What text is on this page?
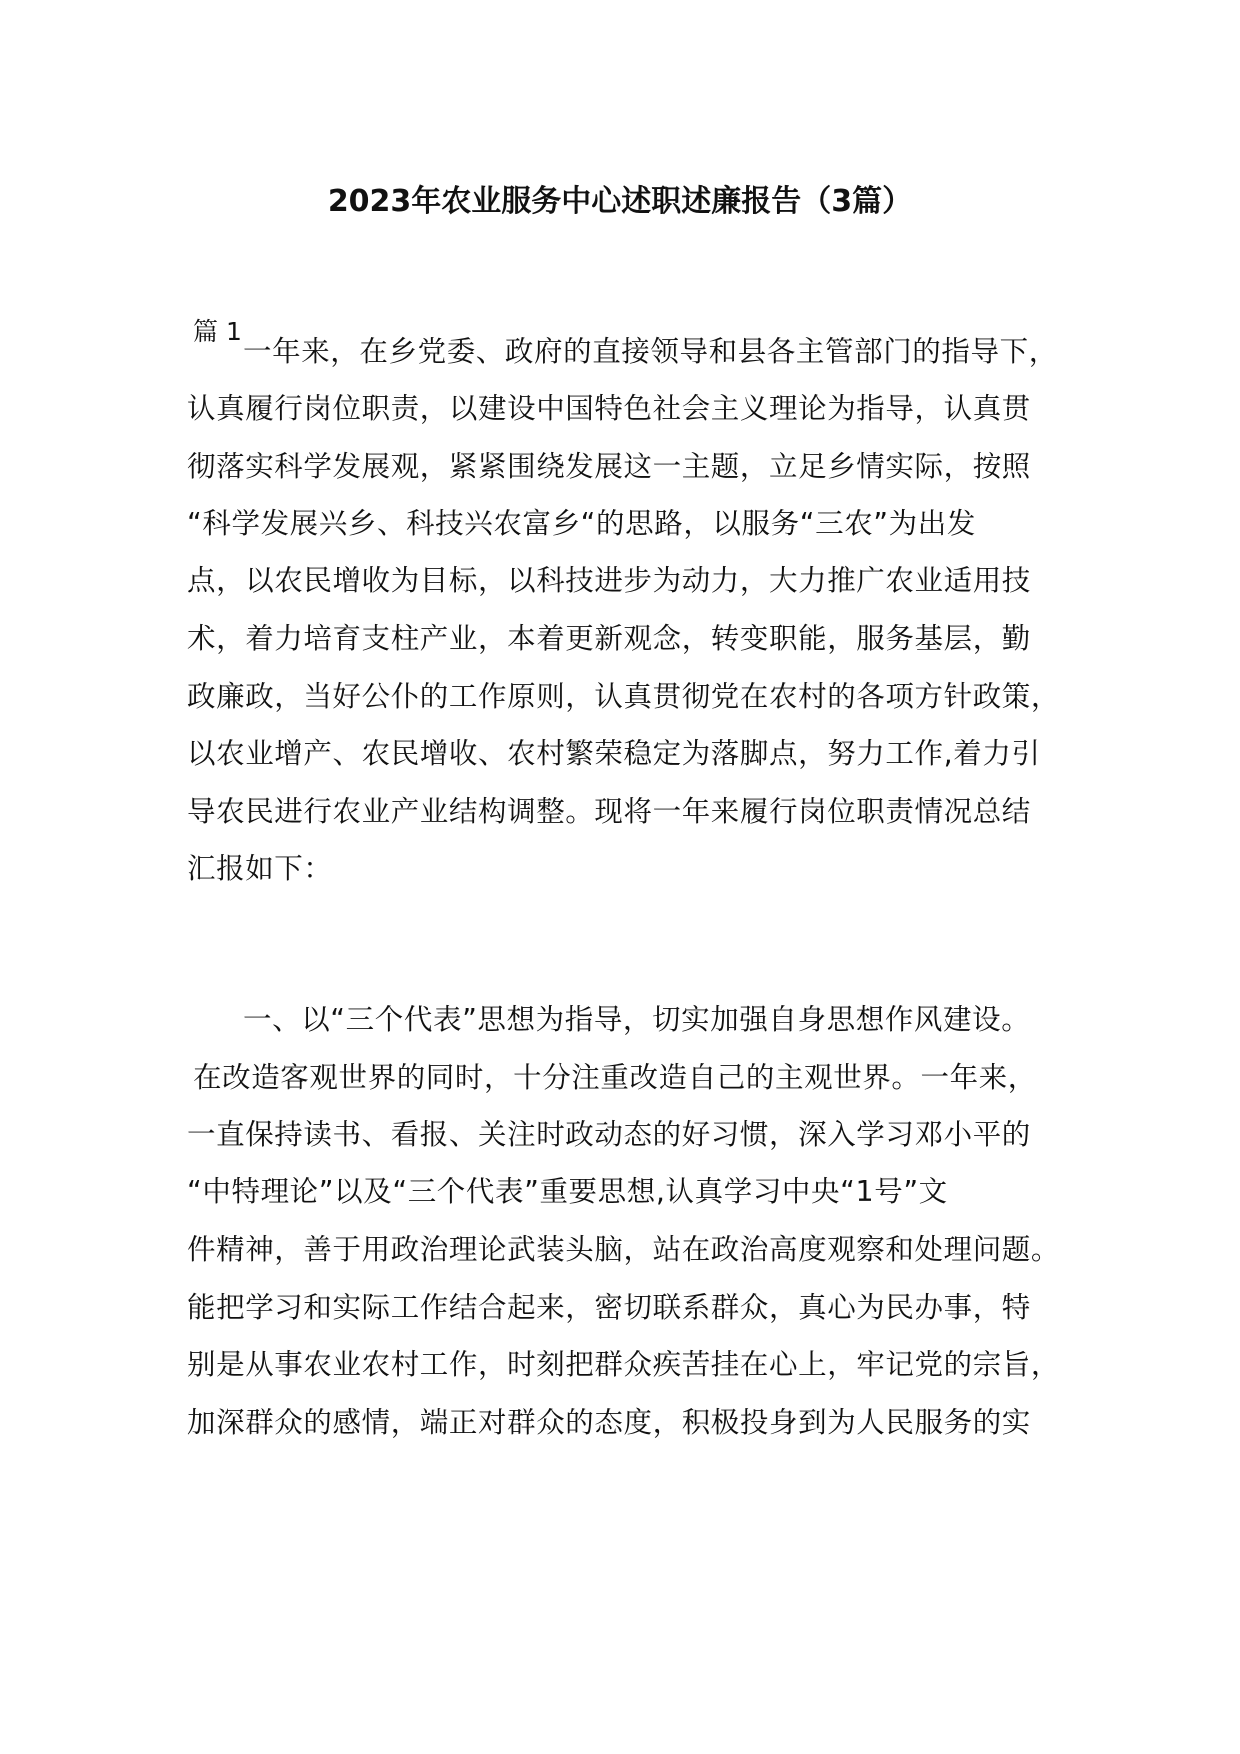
2023年农业服务中心述职述廉报告（3篇）
篇 1
一年来，在乡党委、政府的直接领导和县各主管部门的指导下，
认真履行岗位职责，以建设中国特色社会主义理论为指导，认真贯
彻落实科学发展观，紧紧围绕发展这一主题，立足乡情实际，按照
“科学发展兴乡、科技兴农富乡“的思路，以服务“三农”为出发
点，以农民增收为目标，以科技进步为动力，大力推广农业适用技
术，着力培育支柱产业，本着更新观念，转变职能，服务基层，勤
政廉政，当好公仆的工作原则，认真贯彻党在农村的各项方针政策，
以农业增产、农民增收、农村繁荣稳定为落脚点，努力工作,着力引
导农民进行农业产业结构调整。现将一年来履行岗位职责情况总结
汇报如下：
一、以“三个代表”思想为指导，切实加强自身思想作风建设。
在改造客观世界的同时，十分注重改造自己的主观世界。一年来，
一直保持读书、看报、关注时政动态的好习惯，深入学习邓小平的
“中特理论”以及“三个代表”重要思想,认真学习中央“1号”文
件精神，善于用政治理论武装头脑，站在政治高度观察和处理问题。
能把学习和实际工作结合起来，密切联系群众，真心为民办事，特
别是从事农业农村工作，时刻把群众疾苦挂在心上，牢记党的宗旨，
加深群众的感情，端正对群众的态度，积极投身到为人民服务的实
